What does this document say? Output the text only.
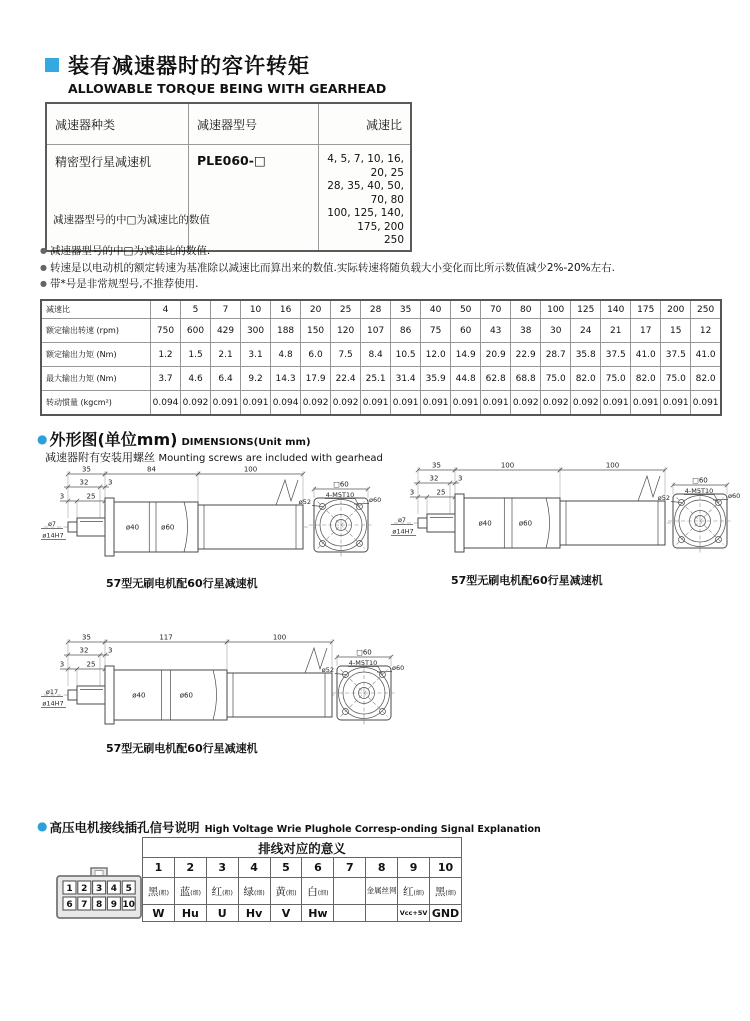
装有减速器时的容许转矩
ALLOWABLE TORQUE BEING WITH GEARHEAD
减速器种类	减速器型号	减速比
精密型行星减速机	PLE060-□	4, 5, 7, 10, 16, 20, 25
28, 35, 40, 50, 70, 80
100, 125, 140, 175, 200
250
减速器型号的中□为减速比的数值
● 减速器型号的中□为减速比的数值.
● 转速是以电动机的额定转速为基准除以减速比而算出来的数值.实际转速将随负载大小变化而比所示数值减少2%-20%左右.
● 带*号是非常规型号,不推荐使用.
减速比	4	5	7	10	16	20	25	28	35	40	50	70	80	100	125	140	175	200	250
额定输出转速 (rpm)	750	600	429	300	188	150	120	107	86	75	60	43	38	30	24	21	17	15	12
额定输出力矩 (Nm)	1.2	1.5	2.1	3.1	4.8	6.0	7.5	8.4	10.5	12.0	14.9	20.9	22.9	28.7	35.8	37.5	41.0	37.5	41.0
最大输出力矩 (Nm)	3.7	4.6	6.4	9.2	14.3	17.9	22.4	25.1	31.4	35.9	44.8	62.8	68.8	75.0	82.0	75.0	82.0	75.0	82.0
转动惯量 (kgcm²)	0.094	0.092	0.091	0.091	0.094	0.092	0.092	0.091	0.091	0.091	0.091	0.091	0.092	0.092	0.092	0.091	0.091	0.091	0.091
● 外形图(单位mm) DIMENSIONS(Unit mm)
减速器附有安装用螺丝 Mounting screws are included with gearhead
35	84	100
32	3
3	25
ø7
ø14H7
ø40	ø60
□60
4-M5T10
ø52	ø60
35	100	100
32	3
3	25
ø7
ø14H7
ø40	ø60
□60
4-M5T10
ø52	ø60
35	117	100
32	3
3	25
ø17
ø14H7
ø40	ø60
□60
4-M5T10
ø52	ø60
57型无刷电机配60行星减速机	57型无刷电机配60行星减速机
57型无刷电机配60行星减速机
● 高压电机接线插孔信号说明 High Voltage Wrie Plughole Corresp-onding Signal Explanation
1 2 3 4 5
6 7 8 9 10
排线对应的意义									
1	2	3	4	5	6	7	8	9	10
黑(粗)	蓝(细)	红(粗)	绿(细)	黄(粗)	白(细)		金属丝网	红(细)	黑(细)
W	Hu	U	Hv	V	Hw			Vcc+5V	GND
